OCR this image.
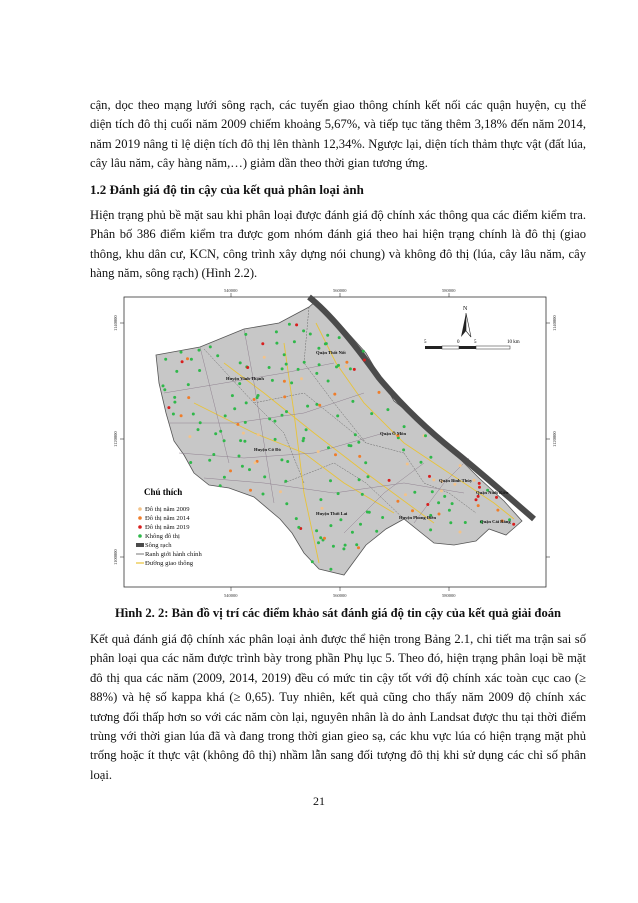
cận, dọc theo mạng lưới sông rạch, các tuyến giao thông chính kết nối các quận huyện, cụ thể diện tích đô thị cuối năm 2009 chiếm khoảng 5,67%, và tiếp tục tăng thêm 3,18% đến năm 2014, năm 2019 nâng tỉ lệ diện tích đô thị lên thành 12,34%. Ngược lại, diện tích thảm thực vật (đất lúa, cây lâu năm, cây hàng năm,…) giảm dần theo thời gian tương ứng.
1.2 Đánh giá độ tin cậy của kết quả phân loại ảnh
Hiện trạng phủ bề mặt sau khi phân loại được đánh giá độ chính xác thông qua các điểm kiểm tra. Phân bố 386 điểm kiểm tra được gom nhóm đánh giá theo hai hiện trạng chính là đô thị (giao thông, khu dân cư, KCN, công trình xây dựng nói chung) và không đô thị (lúa, cây lâu năm, cây hàng năm, sông rạch) (Hình 2.2).
540000	560000	580000
540000	560000	580000
1140000
1120000
1100000
1140000
1120000
N
5	0	5	10 km
Quận Thốt Nốt
Huyện Vĩnh Thạnh
Huyện Cờ Đỏ
Quận Ô Môn
Quận Bình Thủy
Quận Ninh Kiều
Huyện Thới Lai
Huyện Phong Điền
Quận Cái Răng
Chú thích
Đô thị năm 2009
Đô thị năm 2014
Đô thị năm 2019
Không đô thị
Sông rạch
Ranh giới hành chính
Đường giao thông
Hình 2. 2: Bản đồ vị trí các điểm khảo sát đánh giá độ tin cậy của kết quả giải đoán
Kết quả đánh giá độ chính xác phân loại ảnh được thể hiện trong Bảng 2.1, chi tiết ma trận sai số phân loại qua các năm được trình bày trong phần Phụ lục 5. Theo đó, hiện trạng phân loại bề mặt đô thị qua các năm (2009, 2014, 2019) đều có mức tin cậy tốt với độ chính xác toàn cục cao (≥ 88%) và hệ số kappa khá (≥ 0,65). Tuy nhiên, kết quả cũng cho thấy năm 2009 độ chính xác tương đối thấp hơn so với các năm còn lại, nguyên nhân là do ảnh Landsat được thu tại thời điểm trùng với thời gian lúa đã và đang trong thời gian gieo sạ, các khu vực lúa có hiện trạng mặt phủ trống hoặc ít thực vật (không đô thị) nhầm lẫn sang đối tượng đô thị khi sử dụng các chỉ số phân loại.
21
